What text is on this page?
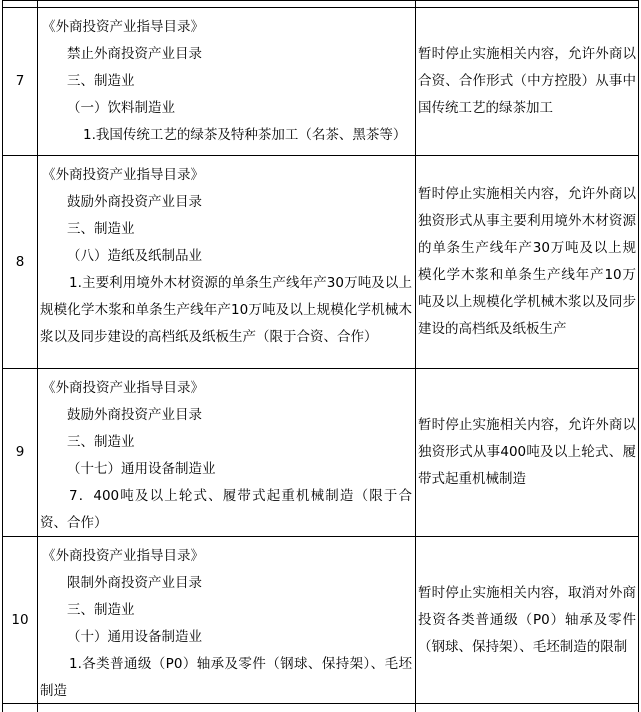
7

《外商投资产业指导目录》

禁止外商投资产业目录

三、制造业

（一）饮料制造业

1.我国传统工艺的绿茶及特种茶加工（名茶、黑茶等）

暂时停止实施相关内容，允许外商以合资、合作形式（中方控股）从事中国传统工艺的绿茶加工
8

《外商投资产业指导目录》

鼓励外商投资产业目录

三、制造业

（八）造纸及纸制品业

1.主要利用境外木材资源的单条生产线年产30万吨及以上规模化学木浆和单条生产线年产10万吨及以上规模化学机械木浆以及同步建设的高档纸及纸板生产（限于合资、合作）

暂时停止实施相关内容，允许外商以独资形式从事主要利用境外木材资源的单条生产线年产30万吨及以上规模化学木浆和单条生产线年产10万吨及以上规模化学机械木浆以及同步建设的高档纸及纸板生产
9

《外商投资产业指导目录》

鼓励外商投资产业目录

三、制造业

（十七）通用设备制造业

7．400吨及以上轮式、履带式起重机械制造（限于合资、合作）

暂时停止实施相关内容，允许外商以独资形式从事400吨及以上轮式、履带式起重机械制造
10

《外商投资产业指导目录》

限制外商投资产业目录

三、制造业

（十）通用设备制造业

1.各类普通级（P0）轴承及零件（钢球、保持架）、毛坯制造

暂时停止实施相关内容，取消对外商投资各类普通级（P0）轴承及零件（钢球、保持架）、毛坯制造的限制
